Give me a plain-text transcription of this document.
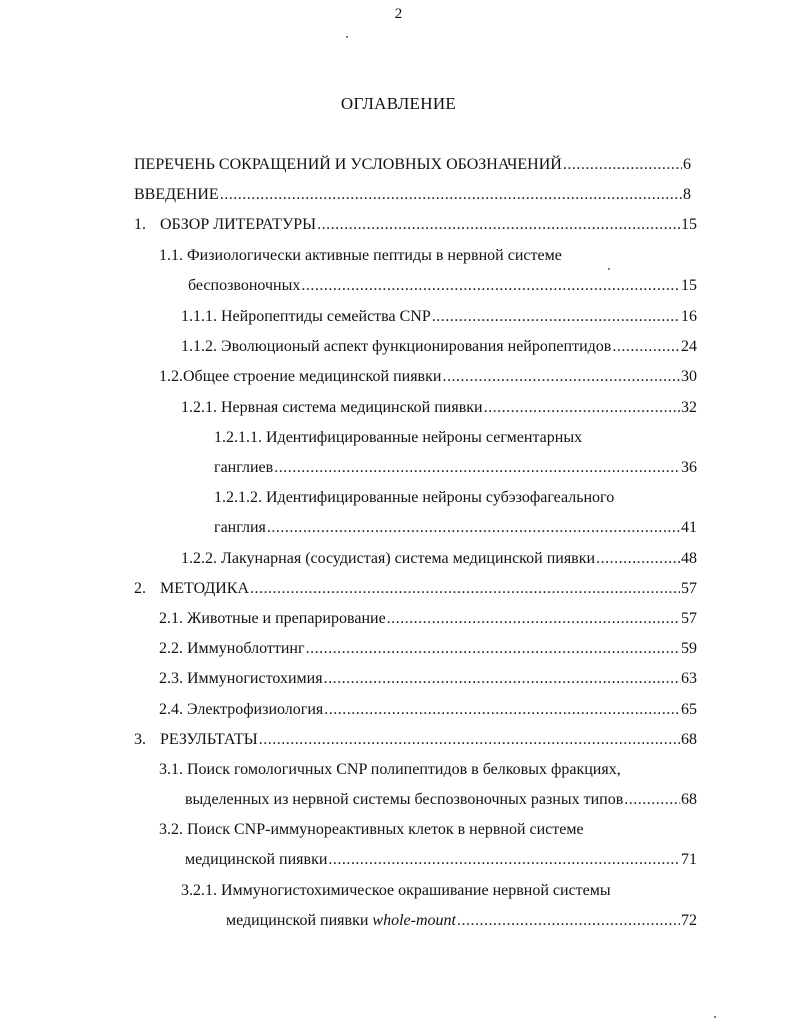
2
ОГЛАВЛЕНИЕ
ПЕРЕЧЕНЬ СОКРАЩЕНИЙ И УСЛОВНЫХ ОБОЗНАЧЕНИЙ .....	6
ВВЕДЕНИЕ .....	8
1. ОБЗОР ЛИТЕРАТУРЫ .....	15
1.1. Физиологически активные пептиды в нервной системе
беспозвоночных .....	15
1.1.1. Нейропептиды семейства CNP .....	16
1.1.2. Эволюционый аспект функционирования нейропептидов .....	24
1.2.Общее строение медицинской пиявки .....	30
1.2.1. Нервная система медицинской пиявки .....	32
1.2.1.1. Идентифицированные нейроны сегментарных
ганглиев .....	36
1.2.1.2. Идентифицированные нейроны субэзофагеального
ганглия .....	41
1.2.2. Лакунарная (сосудистая) система медицинской пиявки .....	48
2. МЕТОДИКА .....	57
2.1. Животные и препарирование .....	57
2.2. Иммуноблоттинг .....	59
2.3. Иммуногистохимия .....	63
2.4. Электрофизиология .....	65
3. РЕЗУЛЬТАТЫ .....	68
3.1. Поиск гомологичных CNP полипептидов в белковых фракциях,
выделенных из нервной системы беспозвоночных разных типов .....	68
3.2. Поиск CNP-иммунореактивных клеток в нервной системе
медицинской пиявки .....	71
3.2.1. Иммуногистохимическое окрашивание нервной системы
медицинской пиявки whole-mount .....	72
